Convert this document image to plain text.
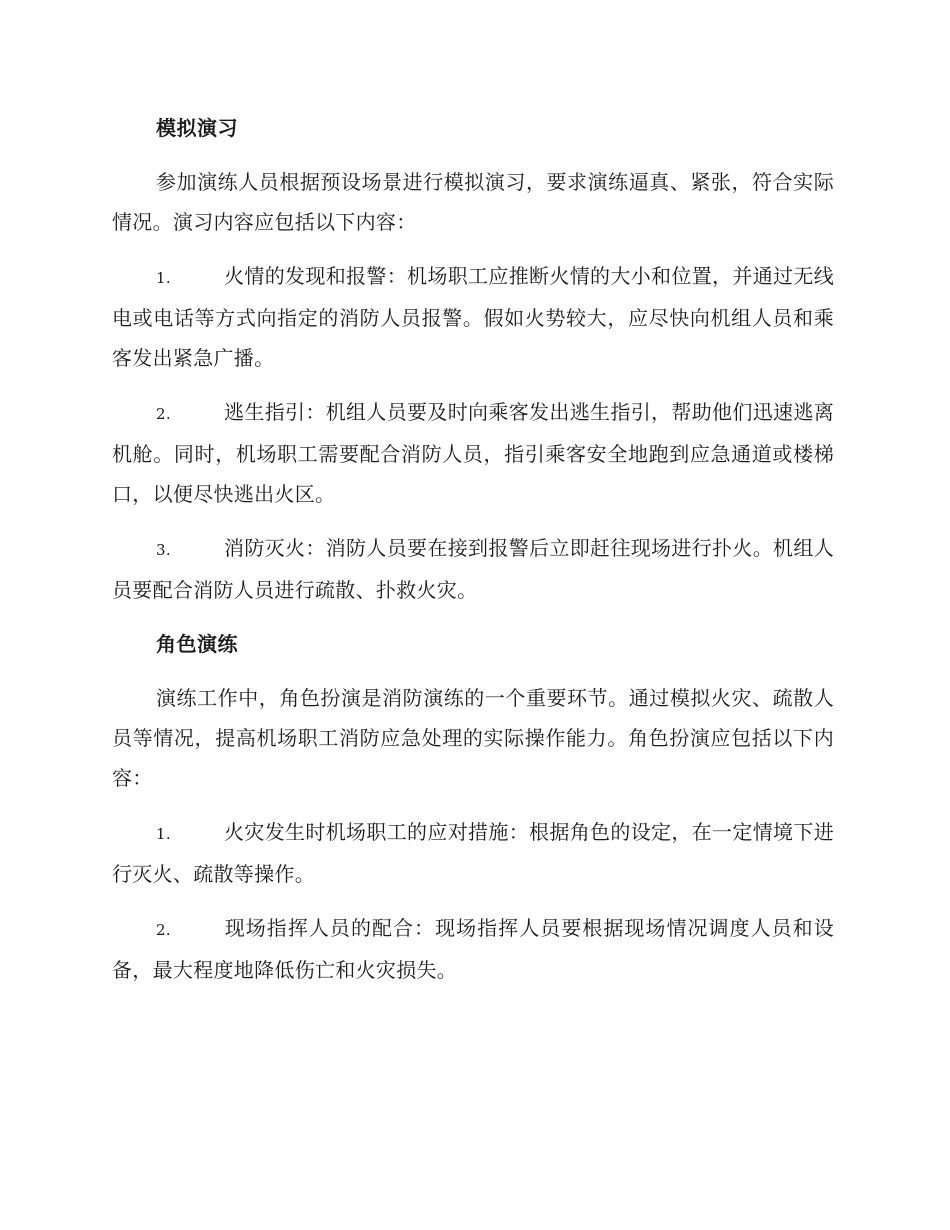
模拟演习

参加演练人员根据预设场景进行模拟演习，要求演练逼真、紧张，符合实际情况。演习内容应包括以下内容：

1.	火情的发现和报警：机场职工应推断火情的大小和位置，并通过无线电或电话等方式向指定的消防人员报警。假如火势较大，应尽快向机组人员和乘客发出紧急广播。

2.	逃生指引：机组人员要及时向乘客发出逃生指引，帮助他们迅速逃离机舱。同时，机场职工需要配合消防人员，指引乘客安全地跑到应急通道或楼梯口，以便尽快逃出火区。

3.	消防灭火：消防人员要在接到报警后立即赶往现场进行扑火。机组人员要配合消防人员进行疏散、扑救火灾。

角色演练

演练工作中，角色扮演是消防演练的一个重要环节。通过模拟火灾、疏散人员等情况，提高机场职工消防应急处理的实际操作能力。角色扮演应包括以下内容：

1.	火灾发生时机场职工的应对措施：根据角色的设定，在一定情境下进行灭火、疏散等操作。

2.	现场指挥人员的配合：现场指挥人员要根据现场情况调度人员和设备，最大程度地降低伤亡和火灾损失。
